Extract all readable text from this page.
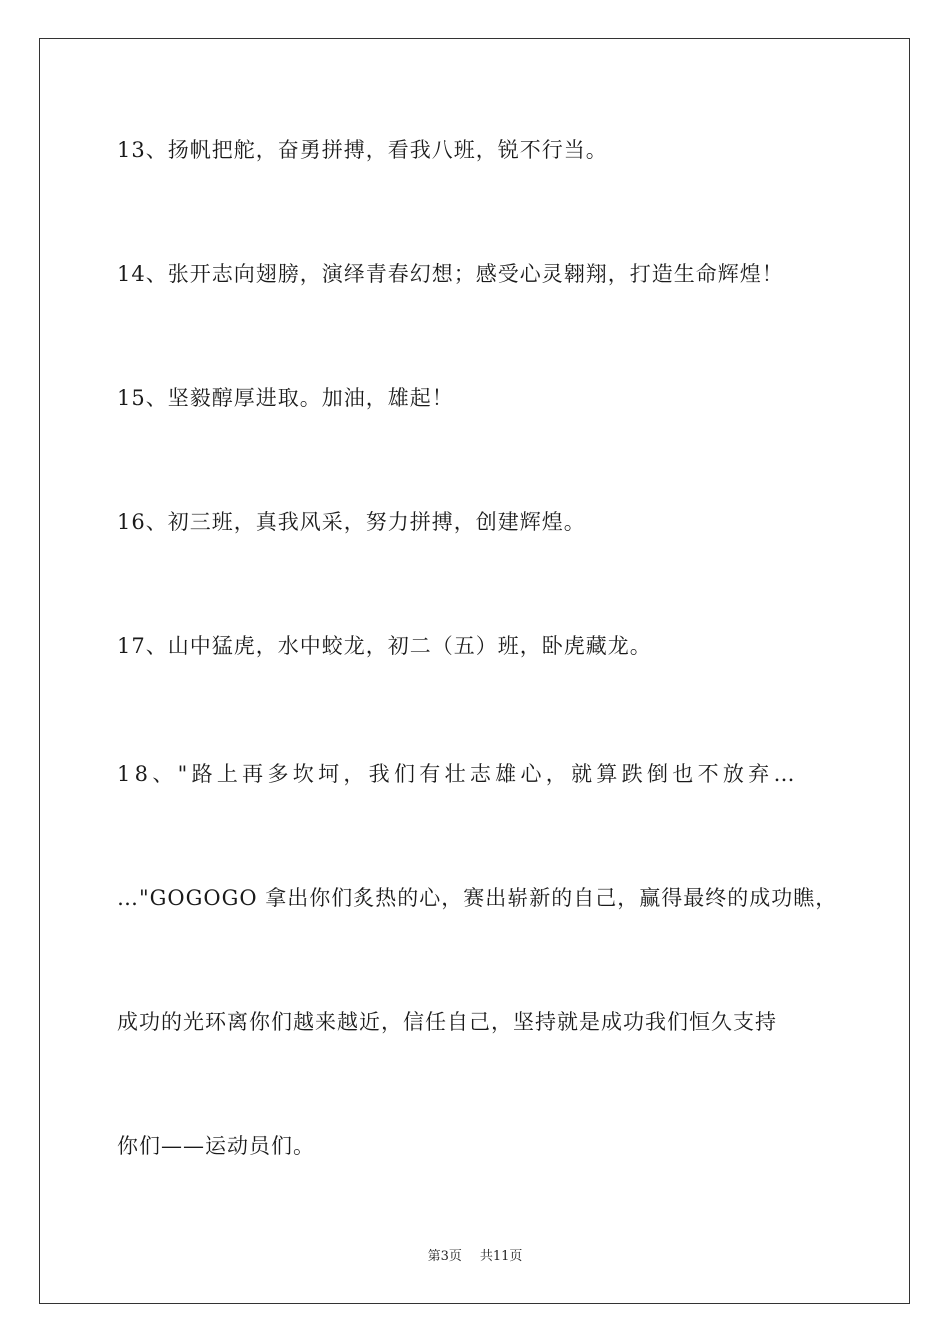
13、扬帆把舵，奋勇拼搏，看我八班，锐不行当。
14、张开志向翅膀，演绎青春幻想；感受心灵翱翔，打造生命辉煌！
15、坚毅醇厚进取。加油，雄起！
16、初三班，真我风采，努力拼搏，创建辉煌。
17、山中猛虎，水中蛟龙，初二（五）班，卧虎藏龙。
18、"路上再多坎坷，我们有壮志雄心，就算跌倒也不放弃…
…"GOGOGO 拿出你们炙热的心，赛出崭新的自己，赢得最终的成功瞧，
成功的光环离你们越来越近，信任自己，坚持就是成功我们恒久支持
你们——运动员们。
第3页 共11页
